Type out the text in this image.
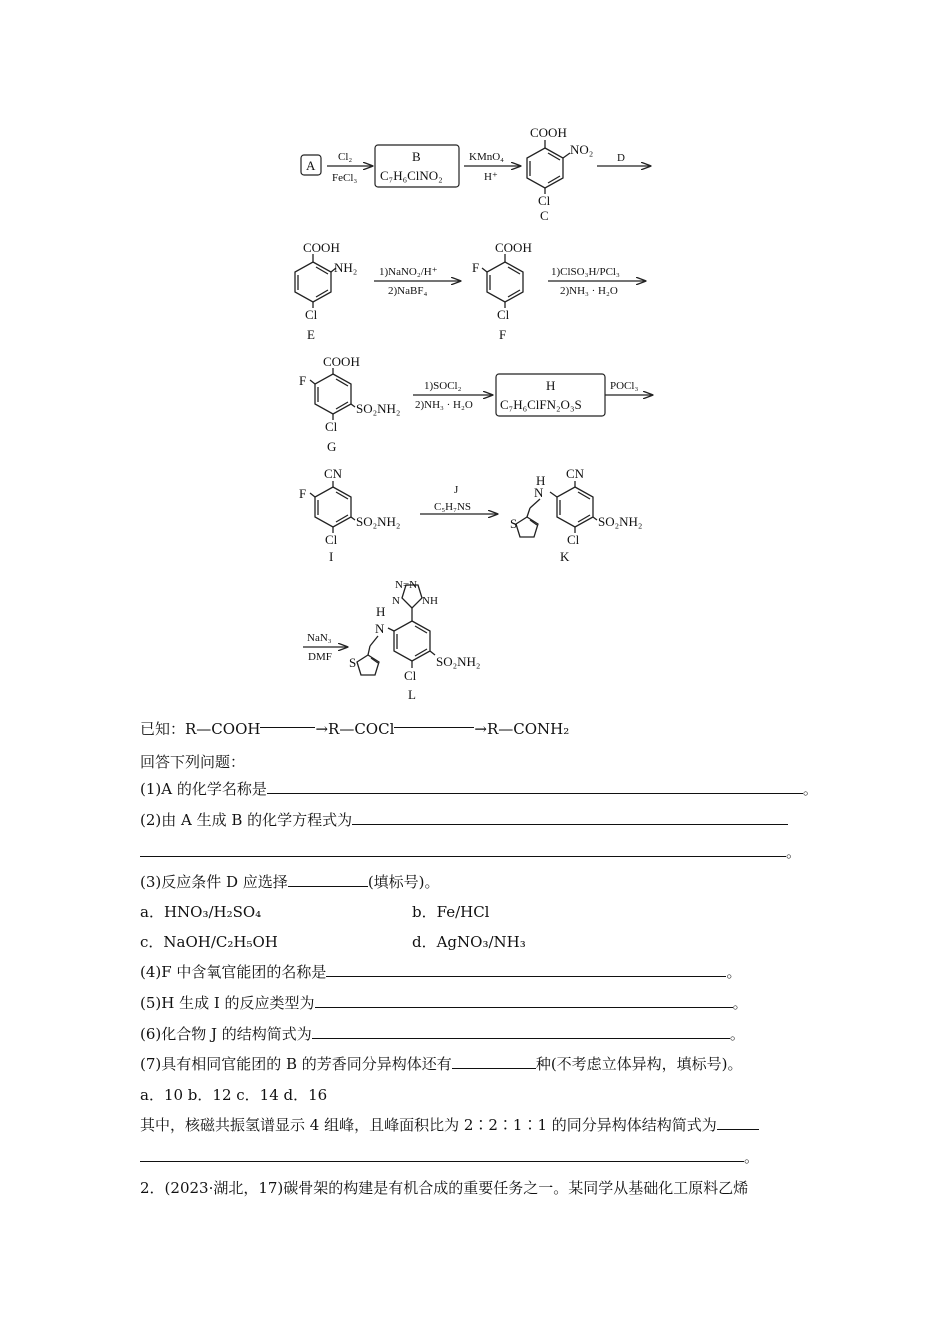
A
Cl₂
FeCl₃
B
C₇H₆ClNO₂
KMnO₄
H⁺
COOH
NO₂
Cl
C
D
COOH
NH₂
Cl
E
1)NaNO₂/H⁺
2)NaBF₄
COOH
F
Cl
F
1)ClSO₃H/PCl₃
2)NH₃ · H₂O
COOH
F
SO₂NH₂
Cl
G
1)SOCl₂
2)NH₃ · H₂O
H
C₇H₆ClFN₂O₃S
POCl₃
CN
F
SO₂NH₂
Cl
I
J
C₅H₇NS
CN
H
N
S	SO₂NH₂
Cl
K
NaN₃
DMF
N=N
N NH
H
N
S	SO₂NH₂
Cl
L
已知：R—COOH	→R—COCl	→R—CONH₂
回答下列问题：
(1)A 的化学名称是	。
(2)由 A 生成 B 的化学方程式为
。
(3)反应条件 D 应选择	(填标号)。
a．HNO₃/H₂SO₄	b．Fe/HCl
c．NaOH/C₂H₅OH	d．AgNO₃/NH₃
(4)F 中含氧官能团的名称是	。
(5)H 生成 I 的反应类型为	。
(6)化合物 J 的结构简式为	。
(7)具有相同官能团的 B 的芳香同分异构体还有	种(不考虑立体异构，填标号)。
a．10 b．12 c．14 d．16
其中，核磁共振氢谱显示 4 组峰，且峰面积比为 2∶2∶1∶1 的同分异构体结构简式为
。
2．(2023·湖北，17)碳骨架的构建是有机合成的重要任务之一。某同学从基础化工原料乙烯
